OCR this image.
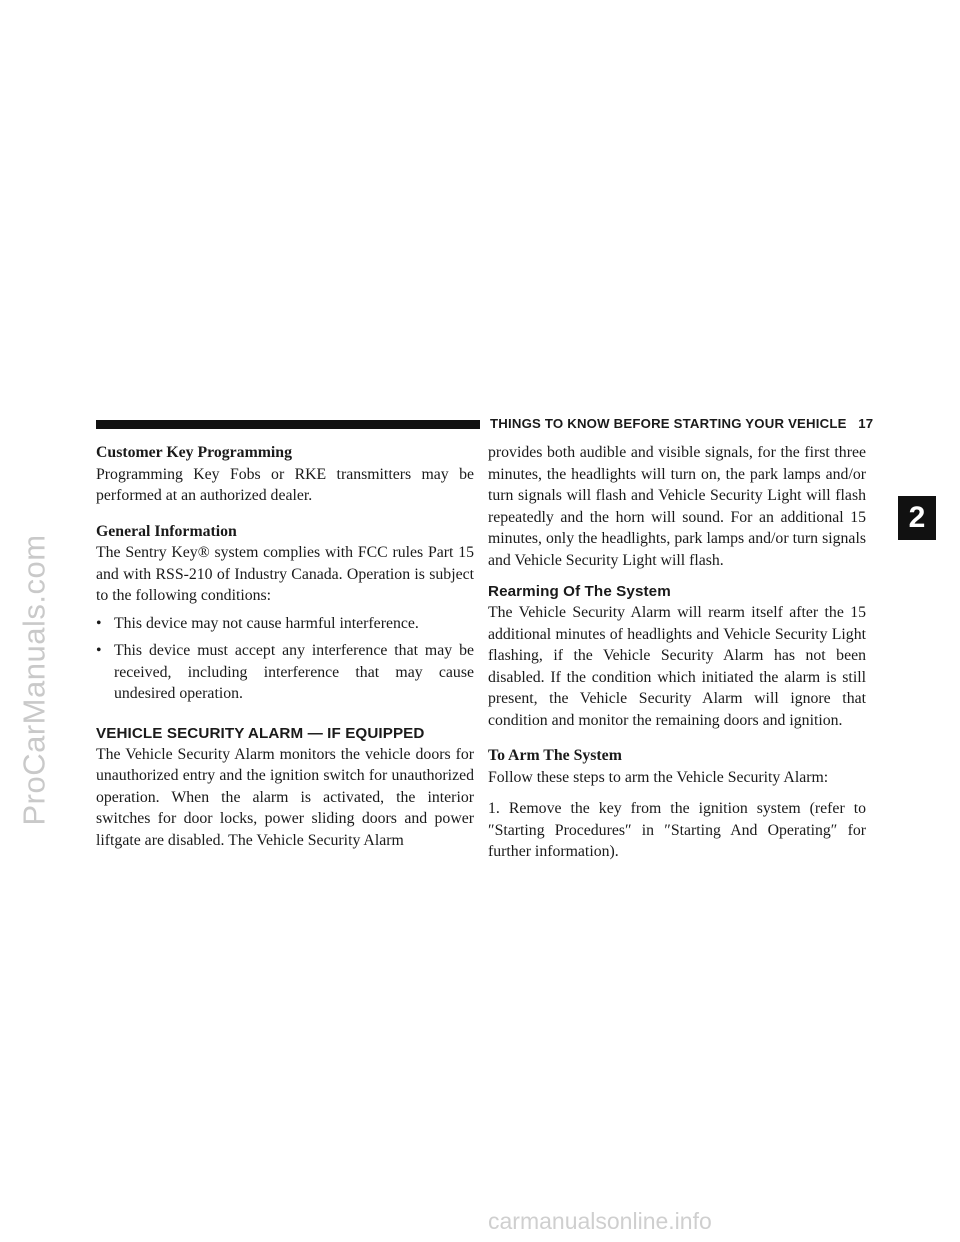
ProCarManuals.com
THINGS TO KNOW BEFORE STARTING YOUR VEHICLE 17
2
Customer Key Programming

Programming Key Fobs or RKE transmitters may be performed at an authorized dealer.

General Information

The Sentry Key® system complies with FCC rules Part 15 and with RSS-210 of Industry Canada. Operation is subject to the following conditions:

• This device may not cause harmful interference.

• This device must accept any interference that may be received, including interference that may cause undesired operation.

VEHICLE SECURITY ALARM — IF EQUIPPED

The Vehicle Security Alarm monitors the vehicle doors for unauthorized entry and the ignition switch for unauthorized operation. When the alarm is activated, the interior switches for door locks, power sliding doors and power liftgate are disabled. The Vehicle Security Alarm

provides both audible and visible signals, for the first three minutes, the headlights will turn on, the park lamps and/or turn signals will flash and Vehicle Security Light will flash repeatedly and the horn will sound. For an additional 15 minutes, only the headlights, park lamps and/or turn signals and Vehicle Security Light will flash.

Rearming Of The System

The Vehicle Security Alarm will rearm itself after the 15 additional minutes of headlights and Vehicle Security Light flashing, if the Vehicle Security Alarm has not been disabled. If the condition which initiated the alarm is still present, the Vehicle Security Alarm will ignore that condition and monitor the remaining doors and ignition.

To Arm The System

Follow these steps to arm the Vehicle Security Alarm:

1. Remove the key from the ignition system (refer to ″Starting Procedures″ in ″Starting And Operating″ for further information).

carmanualsonline.info
